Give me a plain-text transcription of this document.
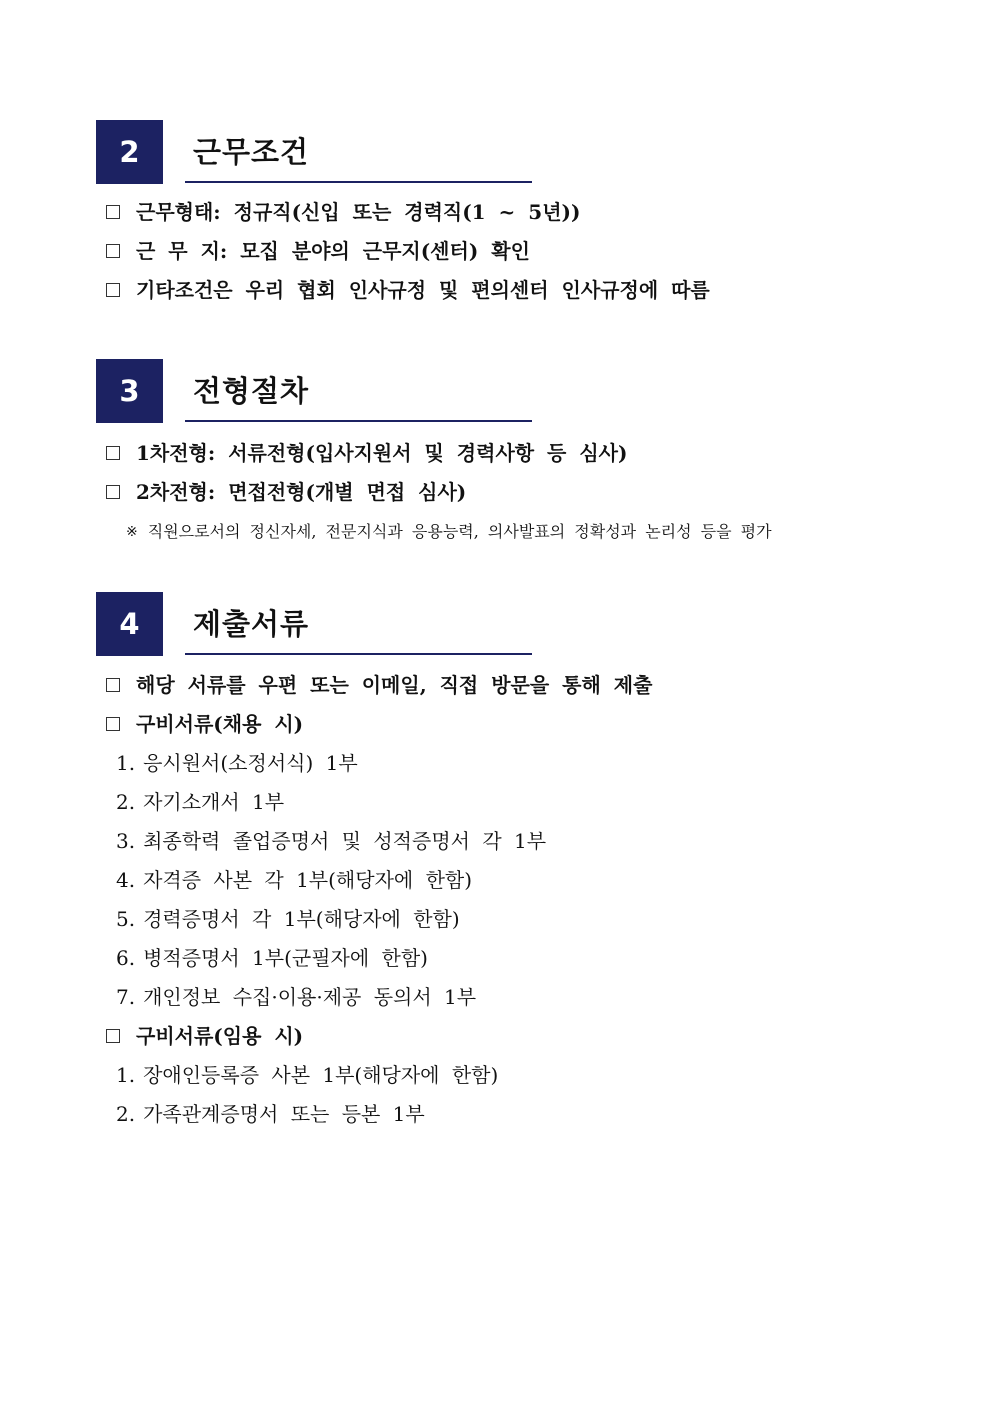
2	근무조건
근무형태: 정규직(신입 또는 경력직(1 ~ 5년))
근 무 지: 모집 분야의 근무지(센터) 확인
기타조건은 우리 협회 인사규정 및 편의센터 인사규정에 따름
3	전형절차
1차전형: 서류전형(입사지원서 및 경력사항 등 심사)
2차전형: 면접전형(개별 면접 심사)
※ 직원으로서의 정신자세, 전문지식과 응용능력, 의사발표의 정확성과 논리성 등을 평가
4	제출서류
해당 서류를 우편 또는 이메일, 직접 방문을 통해 제출
구비서류(채용 시)
1. 응시원서(소정서식) 1부
2. 자기소개서 1부
3. 최종학력 졸업증명서 및 성적증명서 각 1부
4. 자격증 사본 각 1부(해당자에 한함)
5. 경력증명서 각 1부(해당자에 한함)
6. 병적증명서 1부(군필자에 한함)
7. 개인정보 수집·이용·제공 동의서 1부
구비서류(임용 시)
1. 장애인등록증 사본 1부(해당자에 한함)
2. 가족관계증명서 또는 등본 1부
